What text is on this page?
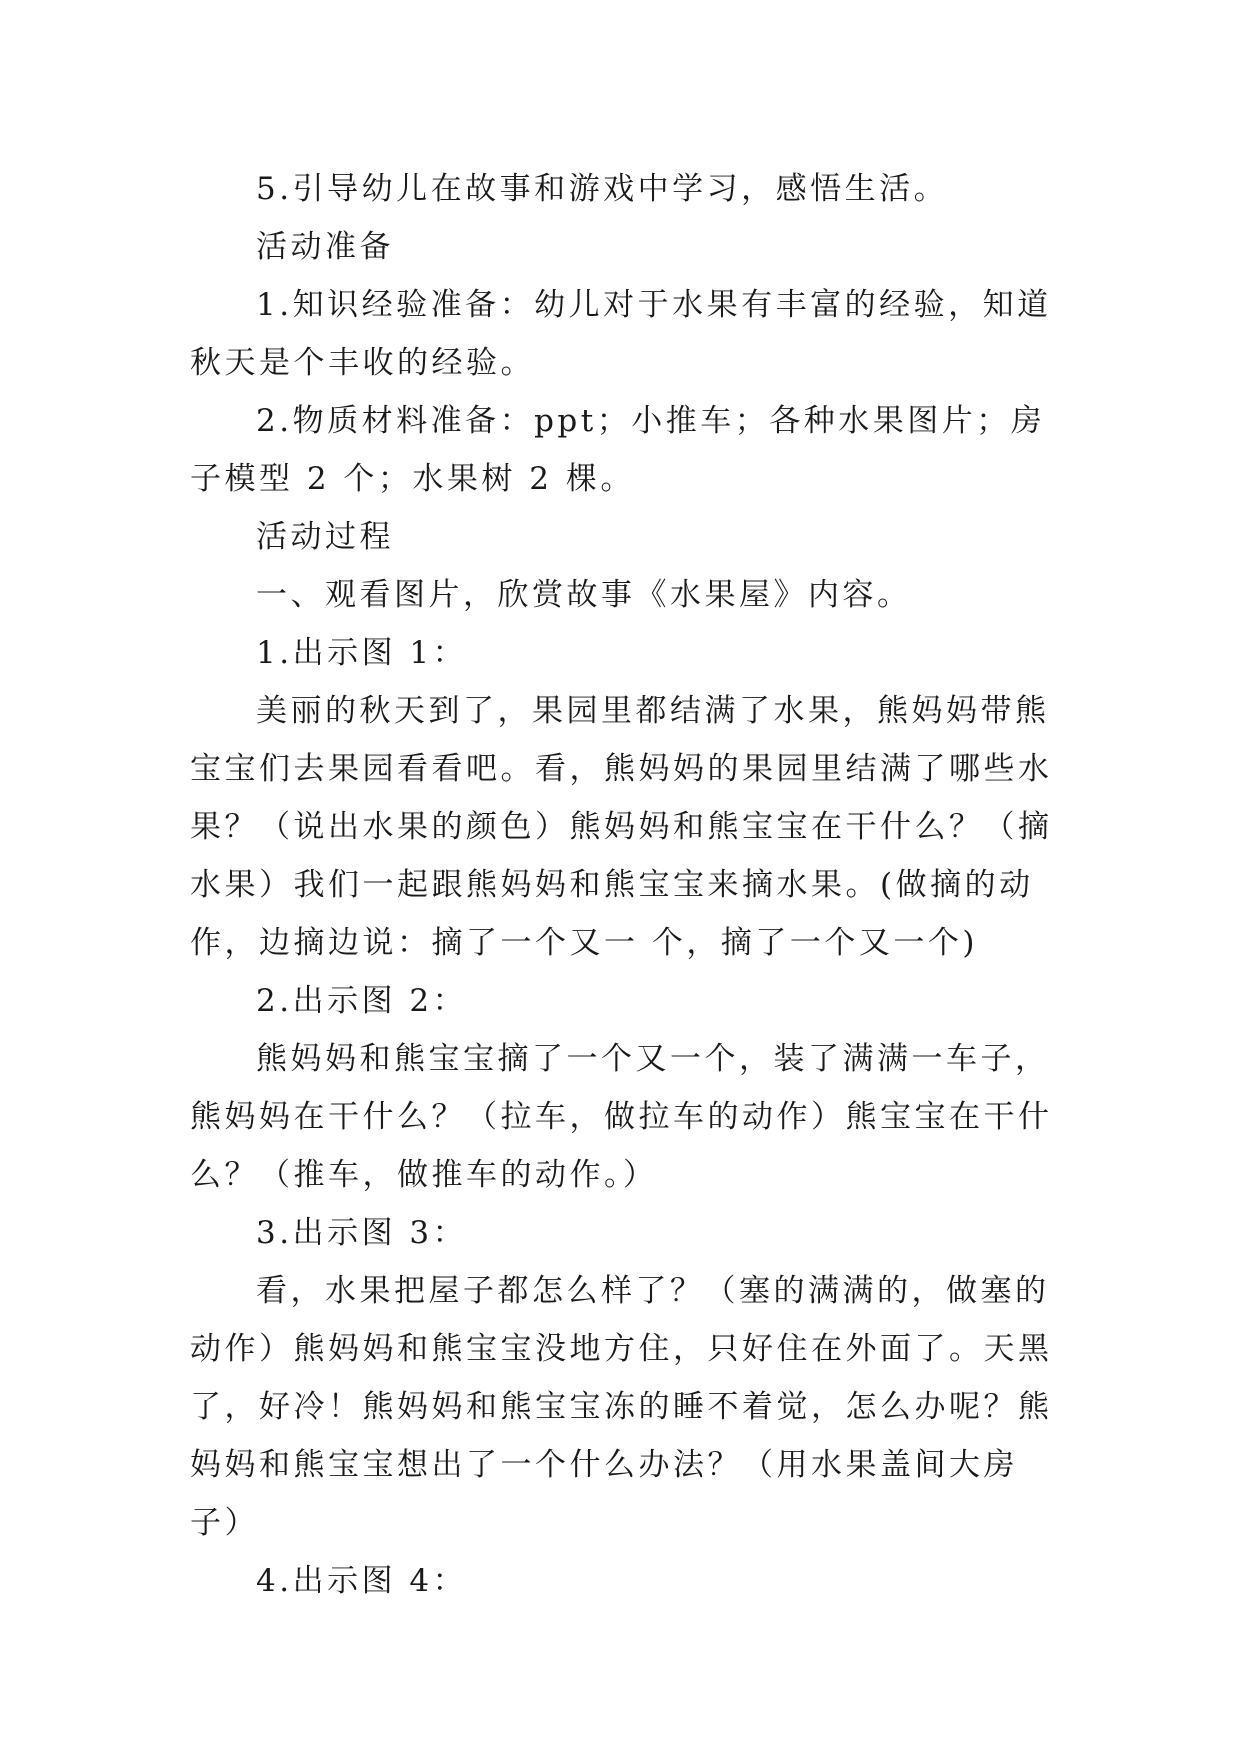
5.引导幼儿在故事和游戏中学习，感悟生活。

活动准备

1.知识经验准备：幼儿对于水果有丰富的经验，知道秋天是个丰收的经验。

2.物质材料准备：ppt；小推车；各种水果图片；房子模型 2 个；水果树 2 棵。

活动过程

一、观看图片，欣赏故事《水果屋》内容。

1.出示图 1：

美丽的秋天到了，果园里都结满了水果，熊妈妈带熊宝宝们去果园看看吧。看，熊妈妈的果园里结满了哪些水果？（说出水果的颜色）熊妈妈和熊宝宝在干什么？（摘水果）我们一起跟熊妈妈和熊宝宝来摘水果。(做摘的动作，边摘边说：摘了一个又一 个，摘了一个又一个)

2.出示图 2：

熊妈妈和熊宝宝摘了一个又一个，装了满满一车子，熊妈妈在干什么？（拉车，做拉车的动作）熊宝宝在干什么？（推车，做推车的动作。）

3.出示图 3：

看，水果把屋子都怎么样了？（塞的满满的，做塞的动作）熊妈妈和熊宝宝没地方住，只好住在外面了。天黑了，好冷！熊妈妈和熊宝宝冻的睡不着觉，怎么办呢？熊妈妈和熊宝宝想出了一个什么办法？（用水果盖间大房子）

4.出示图 4：
